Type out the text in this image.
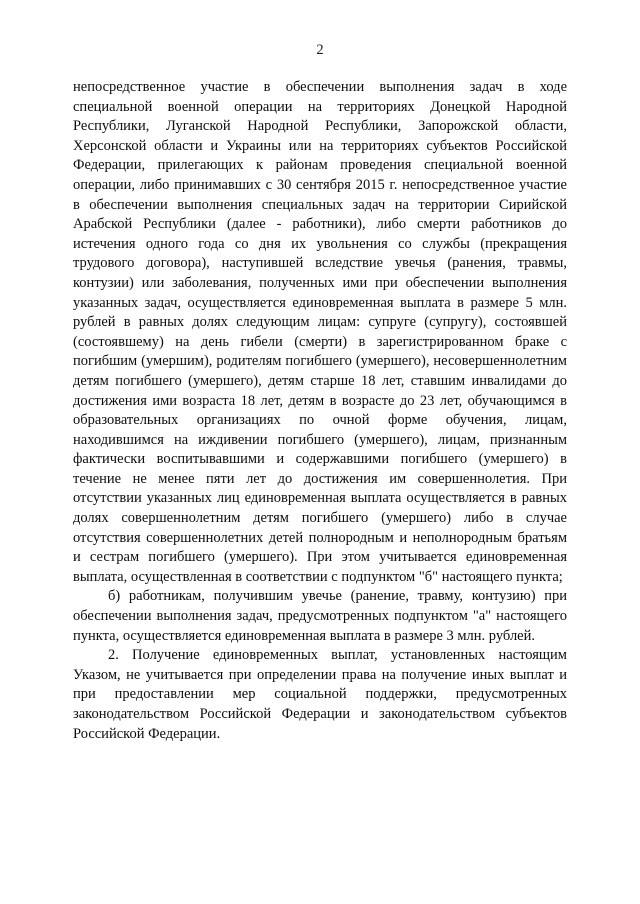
2

непосредственное участие в обеспечении выполнения задач в ходе специальной военной операции на территориях Донецкой Народной Республики, Луганской Народной Республики, Запорожской области, Херсонской области и Украины или на территориях субъектов Российской Федерации, прилегающих к районам проведения специальной военной операции, либо принимавших с 30 сентября 2015 г. непосредственное участие в обеспечении выполнения специальных задач на территории Сирийской Арабской Республики (далее - работники), либо смерти работников до истечения одного года со дня их увольнения со службы (прекращения трудового договора), наступившей вследствие увечья (ранения, травмы, контузии) или заболевания, полученных ими при обеспечении выполнения указанных задач, осуществляется единовременная выплата в размере 5 млн. рублей в равных долях следующим лицам: супруге (супругу), состоявшей (состоявшему) на день гибели (смерти) в зарегистрированном браке с погибшим (умершим), родителям погибшего (умершего), несовершеннолетним детям погибшего (умершего), детям старше 18 лет, ставшим инвалидами до достижения ими возраста 18 лет, детям в возрасте до 23 лет, обучающимся в образовательных организациях по очной форме обучения, лицам, находившимся на иждивении погибшего (умершего), лицам, признанным фактически воспитывавшими и содержавшими погибшего (умершего) в течение не менее пяти лет до достижения им совершеннолетия. При отсутствии указанных лиц единовременная выплата осуществляется в равных долях совершеннолетним детям погибшего (умершего) либо в случае отсутствия совершеннолетних детей полнородным и неполнородным братьям и сестрам погибшего (умершего). При этом учитывается единовременная выплата, осуществленная в соответствии с подпунктом "б" настоящего пункта;

б) работникам, получившим увечье (ранение, травму, контузию) при обеспечении выполнения задач, предусмотренных подпунктом "а" настоящего пункта, осуществляется единовременная выплата в размере 3 млн. рублей.

2. Получение единовременных выплат, установленных настоящим Указом, не учитывается при определении права на получение иных выплат и при предоставлении мер социальной поддержки, предусмотренных законодательством Российской Федерации и законодательством субъектов Российской Федерации.
